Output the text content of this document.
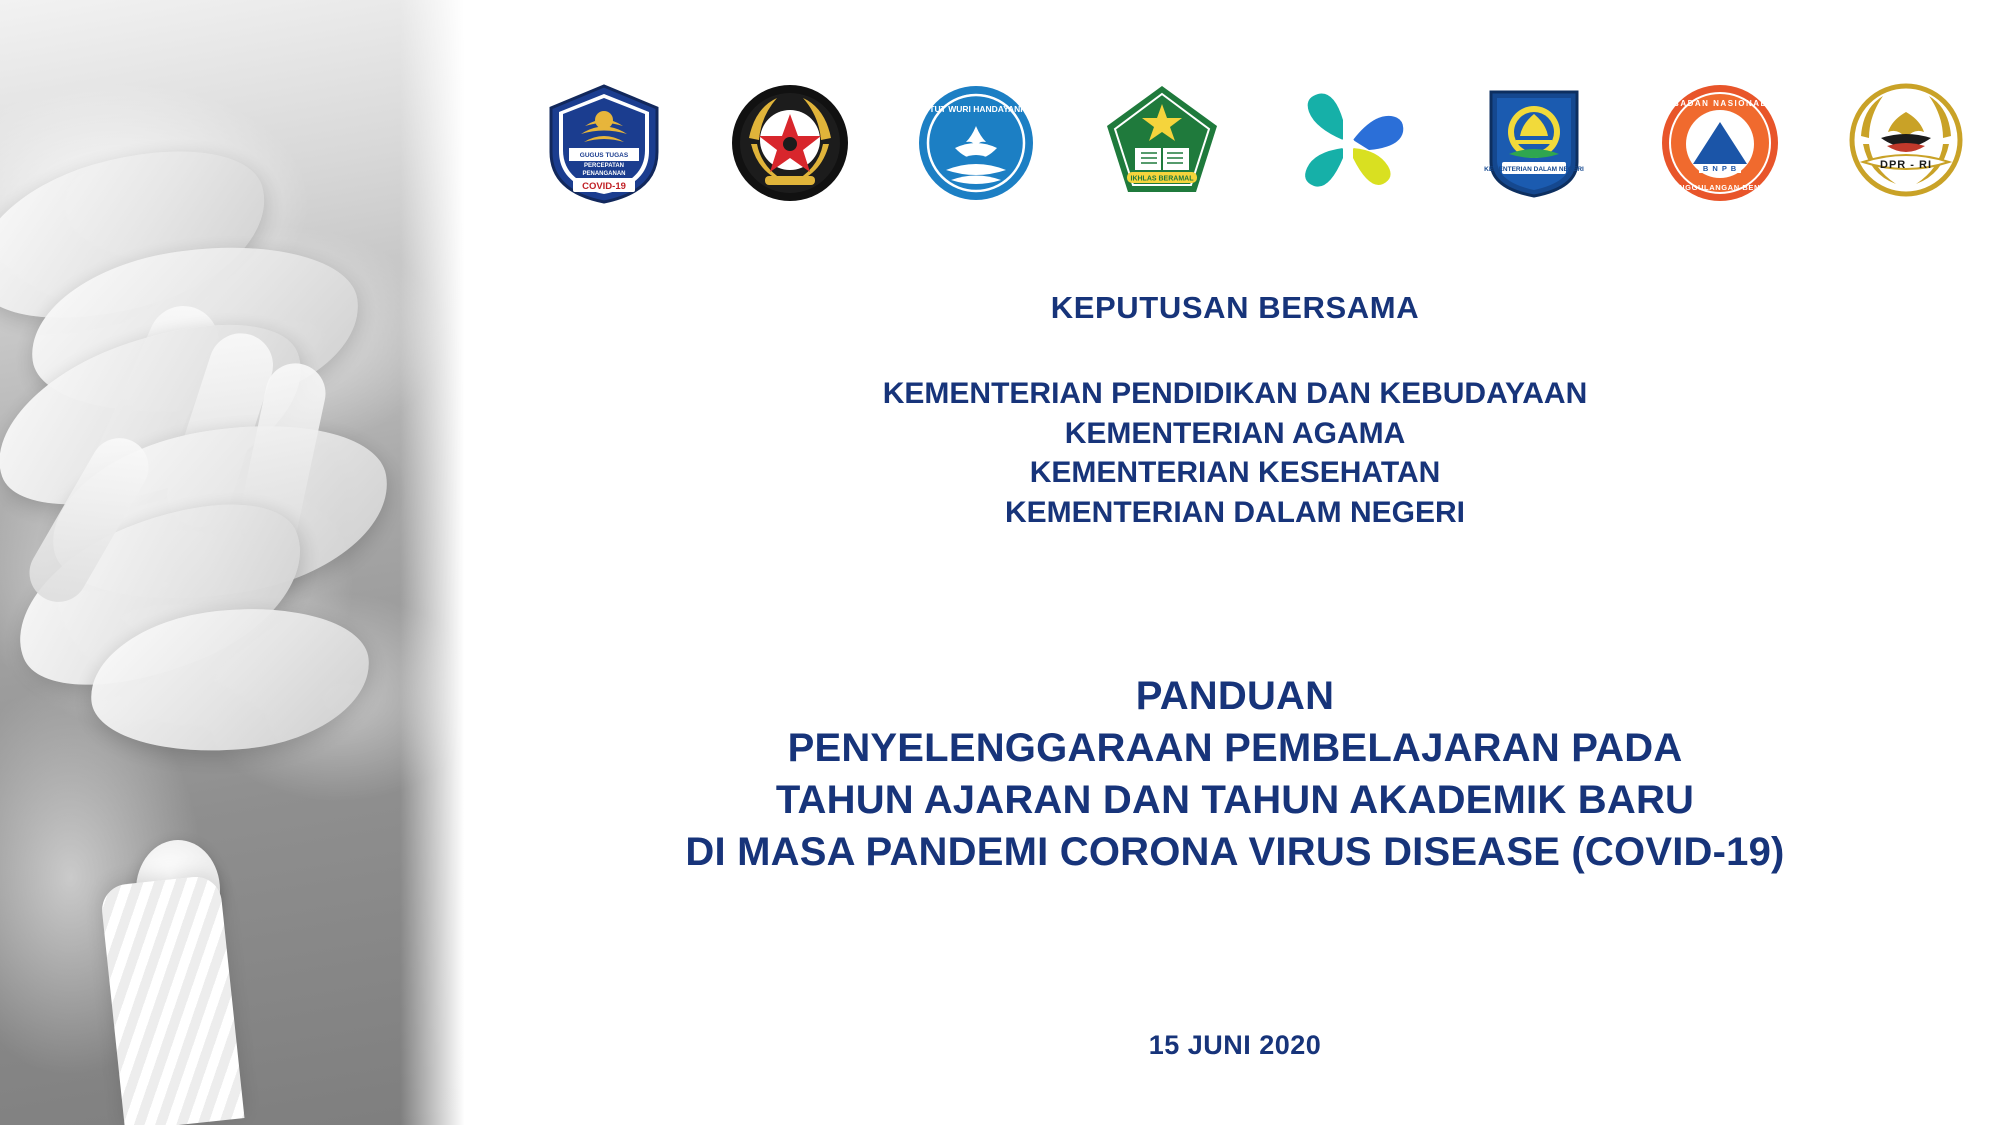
GUGUS TUGAS
PERCEPATAN
PENANGANAN
COVID-19
TUT WURI HANDAYANI
IKHLAS BERAMAL
KEMENTERIAN DALAM NEGERI
BADAN NASIONAL
PENANGGULANGAN BENCANA
B N P B	DPR - RI
KEPUTUSAN BERSAMA
KEMENTERIAN PENDIDIKAN DAN KEBUDAYAAN
KEMENTERIAN AGAMA
KEMENTERIAN KESEHATAN
KEMENTERIAN DALAM NEGERI
PANDUAN
PENYELENGGARAAN PEMBELAJARAN PADA
TAHUN AJARAN DAN TAHUN AKADEMIK BARU
DI MASA PANDEMI CORONA VIRUS DISEASE (COVID-19)
15 JUNI 2020
